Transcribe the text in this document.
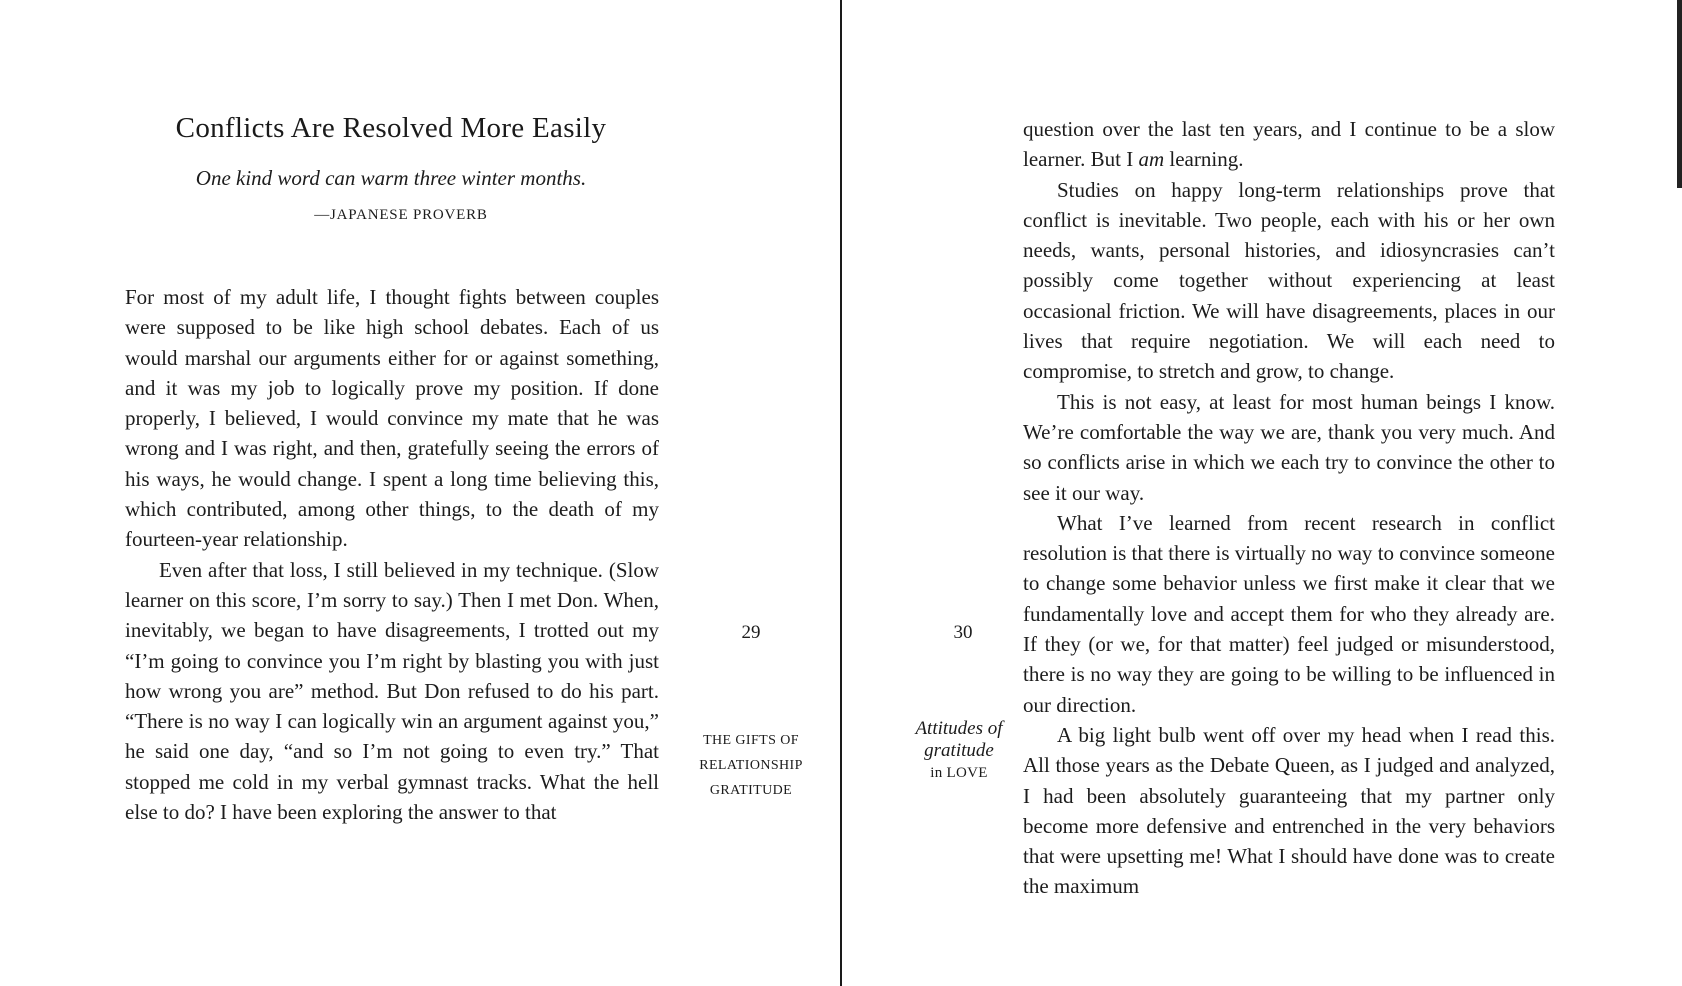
Conflicts Are Resolved More Easily
One kind word can warm three winter months.
—JAPANESE PROVERB

For most of my adult life, I thought fights between couples were supposed to be like high school debates. Each of us would marshal our arguments either for or against something, and it was my job to logically prove my position. If done properly, I believed, I would convince my mate that he was wrong and I was right, and then, gratefully seeing the errors of his ways, he would change. I spent a long time believing this, which contributed, among other things, to the death of my fourteen-year relationship.

Even after that loss, I still believed in my technique. (Slow learner on this score, I’m sorry to say.) Then I met Don. When, inevitably, we began to have disagreements, I trotted out my “I’m going to convince you I’m right by blasting you with just how wrong you are” method. But Don refused to do his part. “There is no way I can logically win an argument against you,” he said one day, “and so I’m not going to even try.” That stopped me cold in my verbal gymnast tracks. What the hell else to do? I have been exploring the answer to that

29
THE GIFTS OF
RELATIONSHIP
GRATITUDE
30
Attitudes of
gratitude
in LOVE

question over the last ten years, and I continue to be a slow learner. But I am learning.

Studies on happy long-term relationships prove that conflict is inevitable. Two people, each with his or her own needs, wants, personal histories, and idiosyncrasies can’t possibly come together without experiencing at least occasional friction. We will have disagreements, places in our lives that require negotiation. We will each need to compromise, to stretch and grow, to change.

This is not easy, at least for most human beings I know. We’re comfortable the way we are, thank you very much. And so conflicts arise in which we each try to convince the other to see it our way.

What I’ve learned from recent research in conflict resolution is that there is virtually no way to convince someone to change some behavior unless we first make it clear that we fundamentally love and accept them for who they already are. If they (or we, for that matter) feel judged or misunderstood, there is no way they are going to be willing to be influenced in our direction.

A big light bulb went off over my head when I read this. All those years as the Debate Queen, as I judged and analyzed, I had been absolutely guaranteeing that my partner only become more defensive and entrenched in the very behaviors that were upsetting me! What I should have done was to create the maximum
